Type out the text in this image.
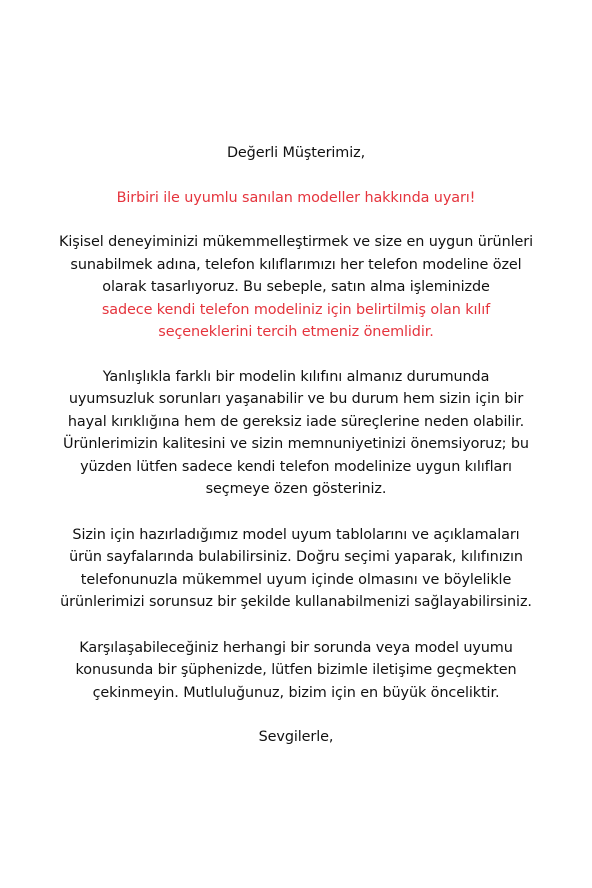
Değerli Müşterimiz,

Birbiri ile uyumlu sanılan modeller hakkında uyarı!

Kişisel deneyiminizi mükemmelleştirmek ve size en uygun ürünleri
sunabilmek adına, telefon kılıflarımızı her telefon modeline özel
olarak tasarlıyoruz. Bu sebeple, satın alma işleminizde
sadece kendi telefon modeliniz için belirtilmiş olan kılıf
seçeneklerini tercih etmeniz önemlidir.

Yanlışlıkla farklı bir modelin kılıfını almanız durumunda
uyumsuzluk sorunları yaşanabilir ve bu durum hem sizin için bir
hayal kırıklığına hem de gereksiz iade süreçlerine neden olabilir.
Ürünlerimizin kalitesini ve sizin memnuniyetinizi önemsiyoruz; bu
yüzden lütfen sadece kendi telefon modelinize uygun kılıfları
seçmeye özen gösteriniz.

Sizin için hazırladığımız model uyum tablolarını ve açıklamaları
ürün sayfalarında bulabilirsiniz. Doğru seçimi yaparak, kılıfınızın
telefonunuzla mükemmel uyum içinde olmasını ve böylelikle
ürünlerimizi sorunsuz bir şekilde kullanabilmenizi sağlayabilirsiniz.

Karşılaşabileceğiniz herhangi bir sorunda veya model uyumu
konusunda bir şüphenizde, lütfen bizimle iletişime geçmekten
çekinmeyin. Mutluluğunuz, bizim için en büyük önceliktir.

Sevgilerle,
